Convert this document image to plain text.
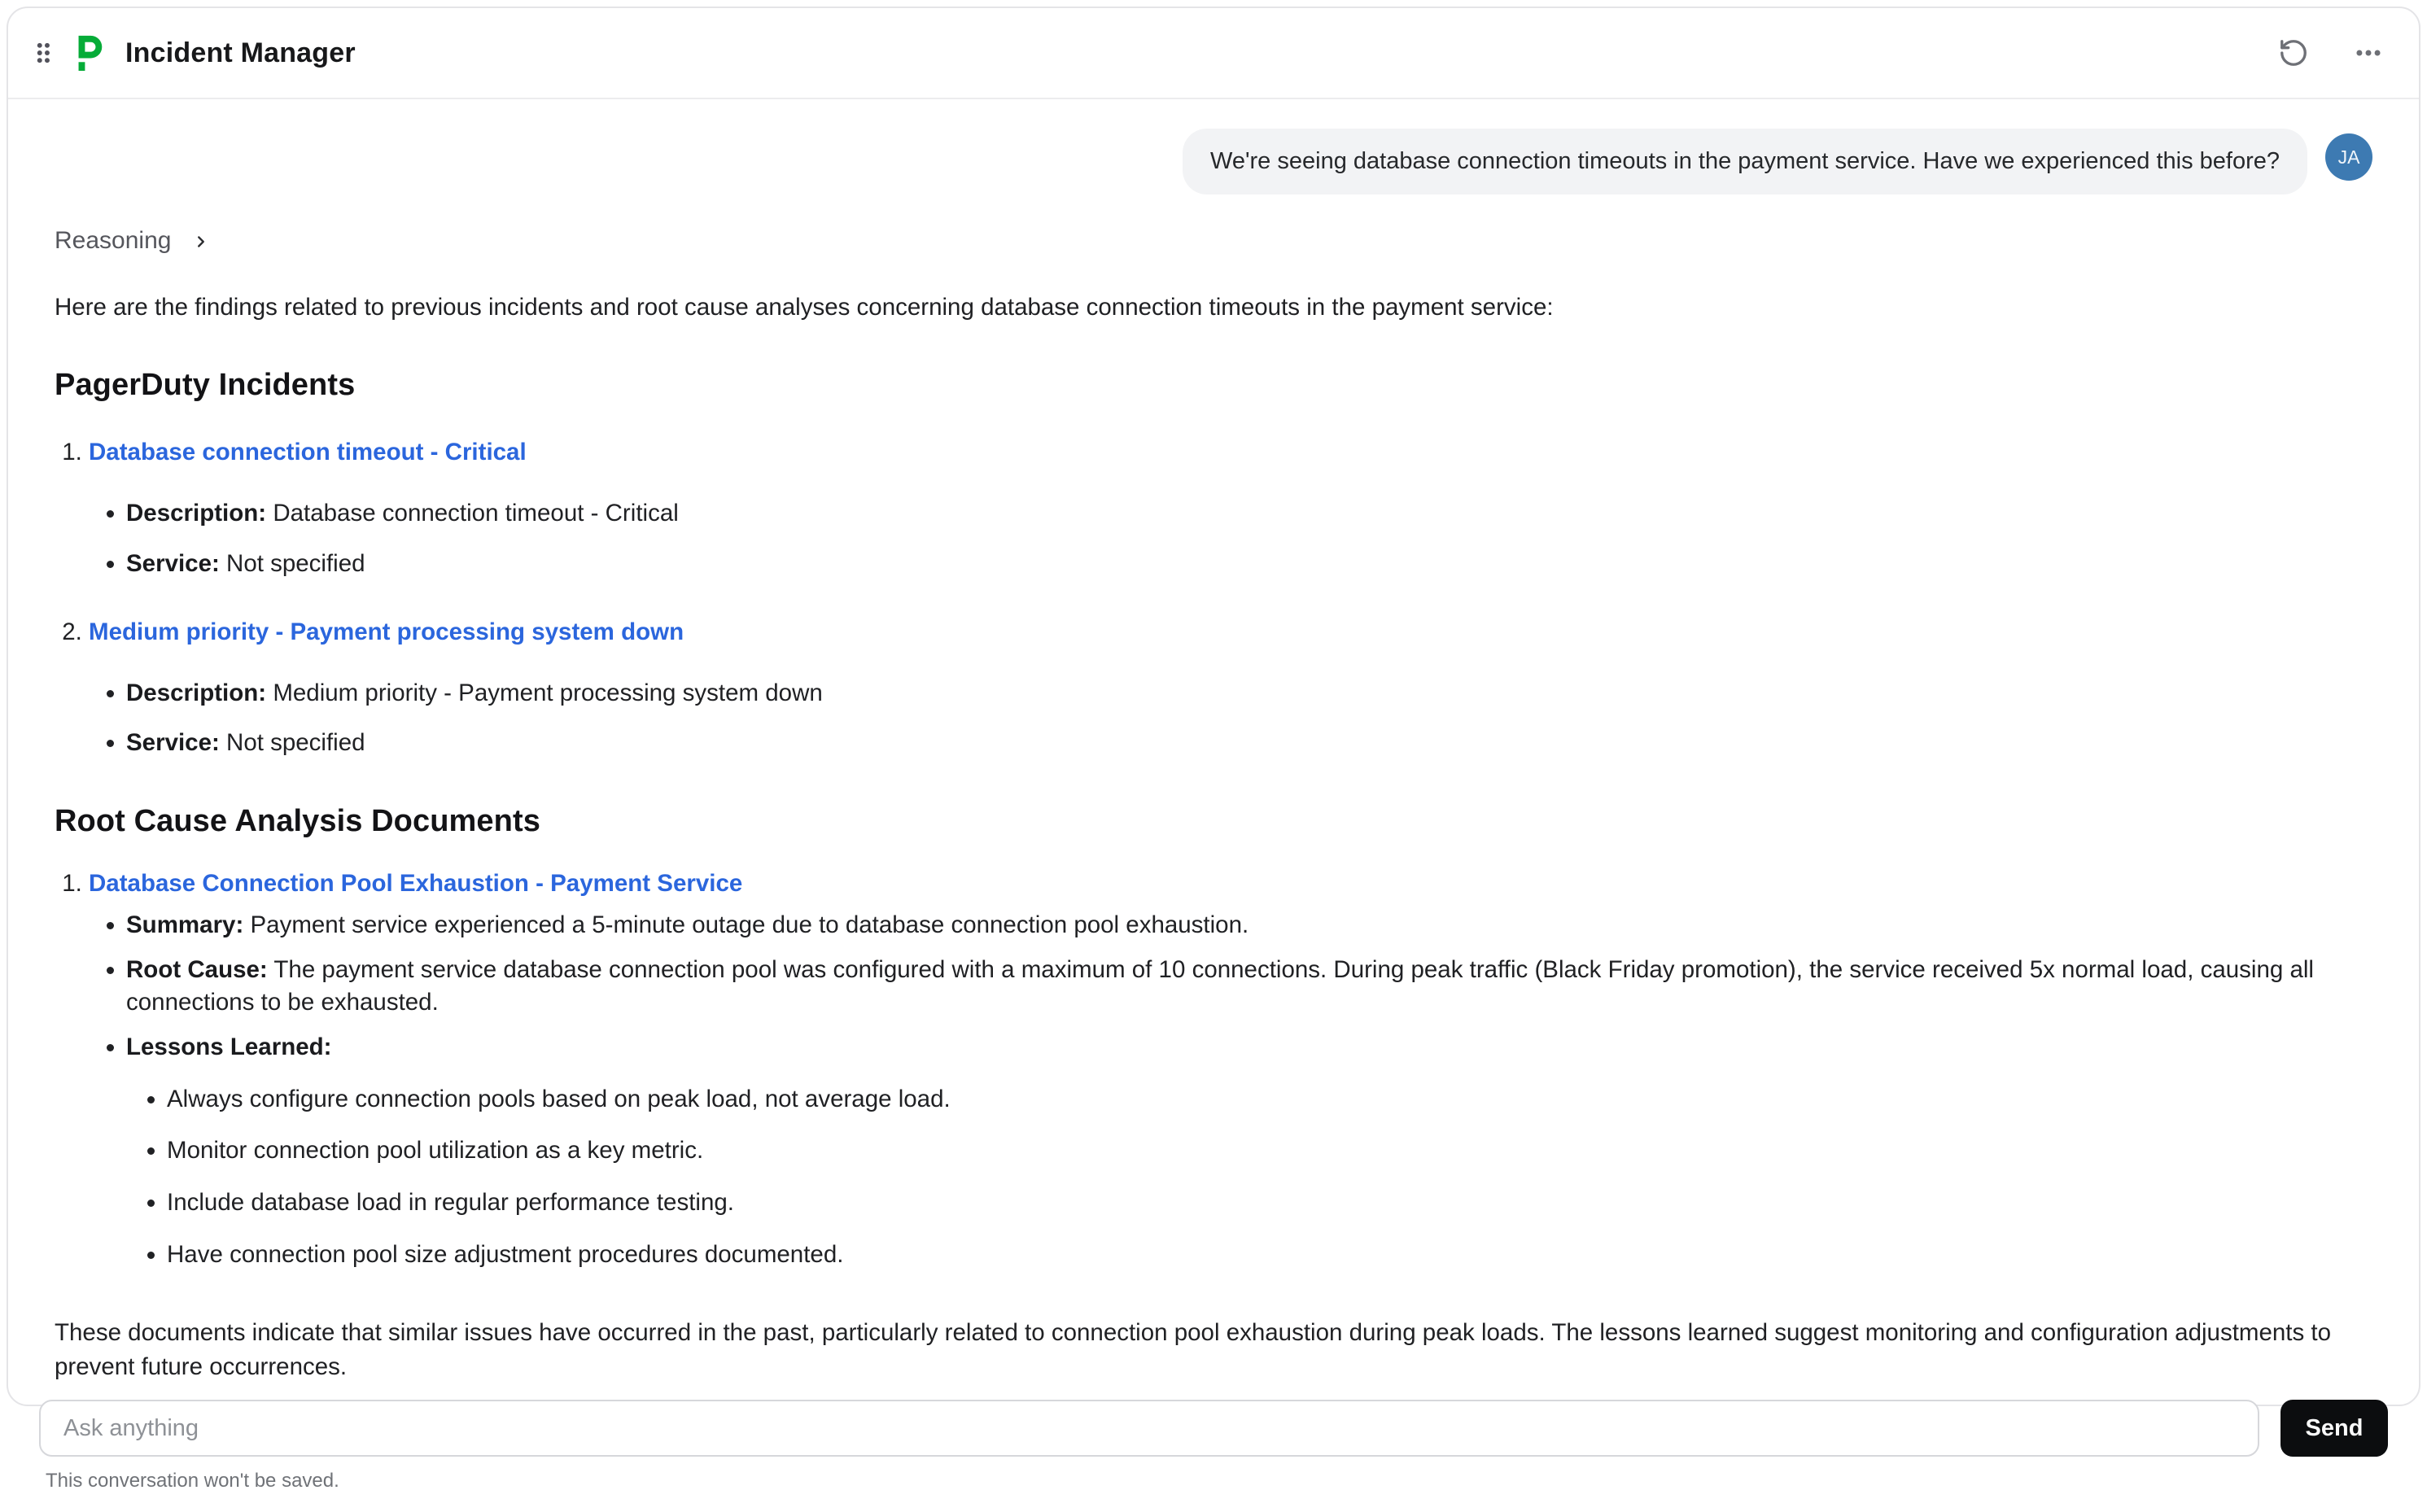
Incident Manager
We're seeing database connection timeouts in the payment service. Have we experienced this before?	JA
Reasoning

Here are the findings related to previous incidents and root cause analyses concerning database connection timeouts in the payment service:

PagerDuty Incidents
1. Database connection timeout - Critical
• Description: Database connection timeout - Critical
• Service: Not specified
2. Medium priority - Payment processing system down
• Description: Medium priority - Payment processing system down
• Service: Not specified
Root Cause Analysis Documents
1. Database Connection Pool Exhaustion - Payment Service
• Summary: Payment service experienced a 5-minute outage due to database connection pool exhaustion.
• Root Cause: The payment service database connection pool was configured with a maximum of 10 connections. During peak traffic (Black Friday promotion), the service received 5x normal load, causing all connections to be exhausted.
• Lessons Learned:
• Always configure connection pools based on peak load, not average load.
• Monitor connection pool utilization as a key metric.
• Include database load in regular performance testing.
• Have connection pool size adjustment procedures documented.

These documents indicate that similar issues have occurred in the past, particularly related to connection pool exhaustion during peak loads. The lessons learned suggest monitoring and configuration adjustments to prevent future occurrences.

Ask anything
Send

This conversation won't be saved.
